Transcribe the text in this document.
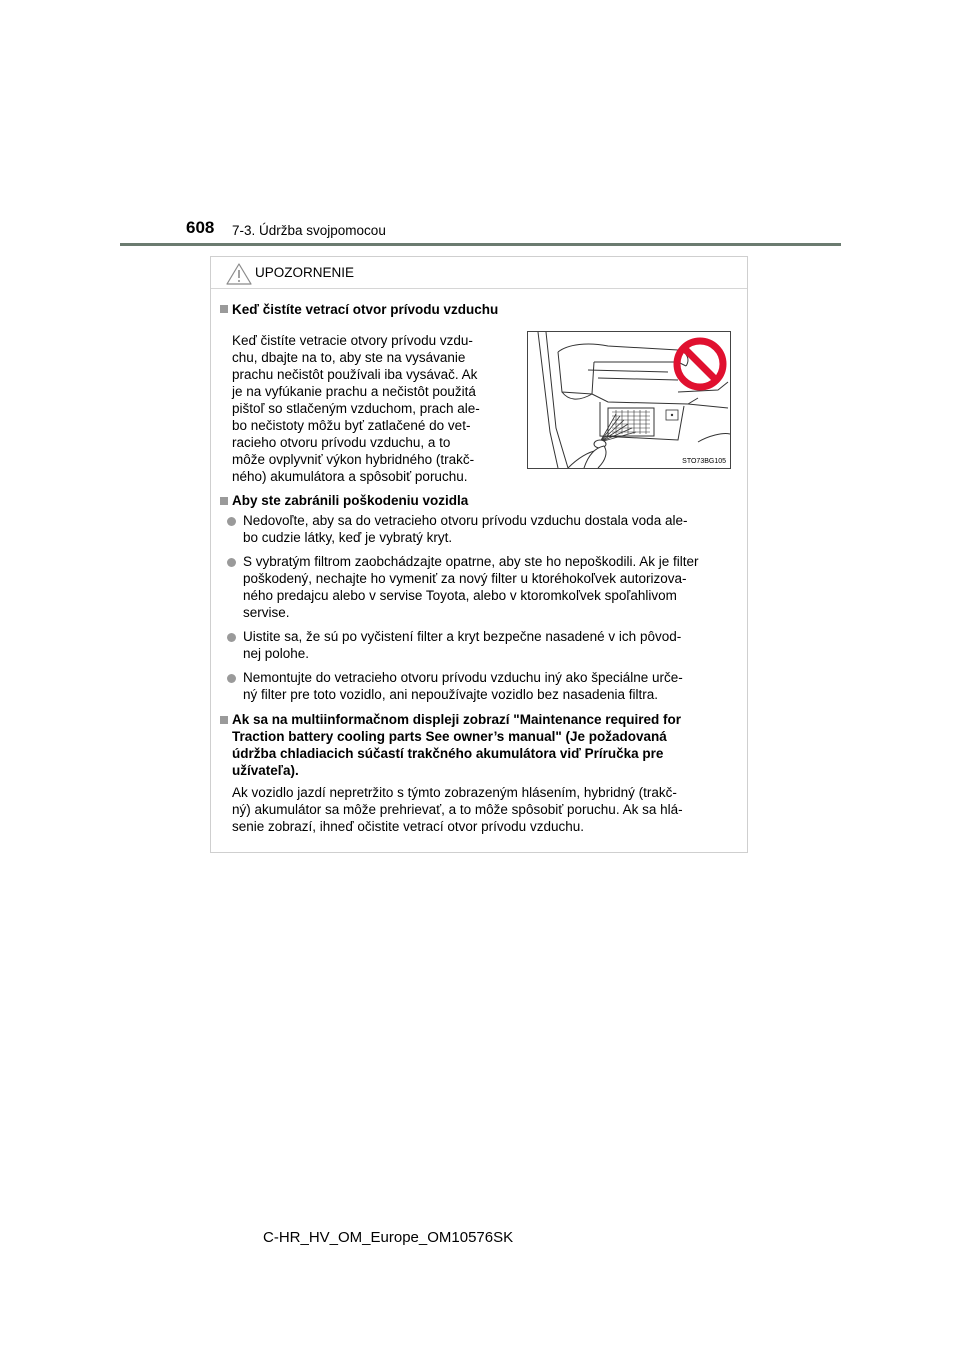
608 7-3. Údržba svojpomocou
UPOZORNENIE
Keď čistíte vetrací otvor prívodu vzduchu
Keď čistíte vetracie otvory prívodu vzdu-
chu, dbajte na to, aby ste na vysávanie
prachu nečistôt používali iba vysávač. Ak
je na vyfúkanie prachu a nečistôt použitá
pištoľ so stlačeným vzduchom, prach ale-
bo nečistoty môžu byť zatlačené do vet-
racieho otvoru prívodu vzduchu, a to
môže ovplyvniť výkon hybridného (trakč-
ného) akumulátora a spôsobiť poruchu.
STO73BG105
Aby ste zabránili poškodeniu vozidla
Nedovoľte, aby sa do vetracieho otvoru prívodu vzduchu dostala voda ale-
bo cudzie látky, keď je vybratý kryt.
S vybratým filtrom zaobchádzajte opatrne, aby ste ho nepoškodili. Ak je filter
poškodený, nechajte ho vymeniť za nový filter u ktoréhokoľvek autorizova-
ného predajcu alebo v servise Toyota, alebo v ktoromkoľvek spoľahlivom
servise.
Uistite sa, že sú po vyčistení filter a kryt bezpečne nasadené v ich pôvod-
nej polohe.
Nemontujte do vetracieho otvoru prívodu vzduchu iný ako špeciálne urče-
ný filter pre toto vozidlo, ani nepoužívajte vozidlo bez nasadenia filtra.
Ak sa na multiinformačnom displeji zobrazí "Maintenance required for
Traction battery cooling parts See owner’s manual" (Je požadovaná
údržba chladiacich súčastí trakčného akumulátora viď Príručka pre
užívateľa).
Ak vozidlo jazdí nepretržito s týmto zobrazeným hlásením, hybridný (trakč-
ný) akumulátor sa môže prehrievať, a to môže spôsobiť poruchu. Ak sa hlá-
senie zobrazí, ihneď očistite vetrací otvor prívodu vzduchu.
C-HR_HV_OM_Europe_OM10576SK
